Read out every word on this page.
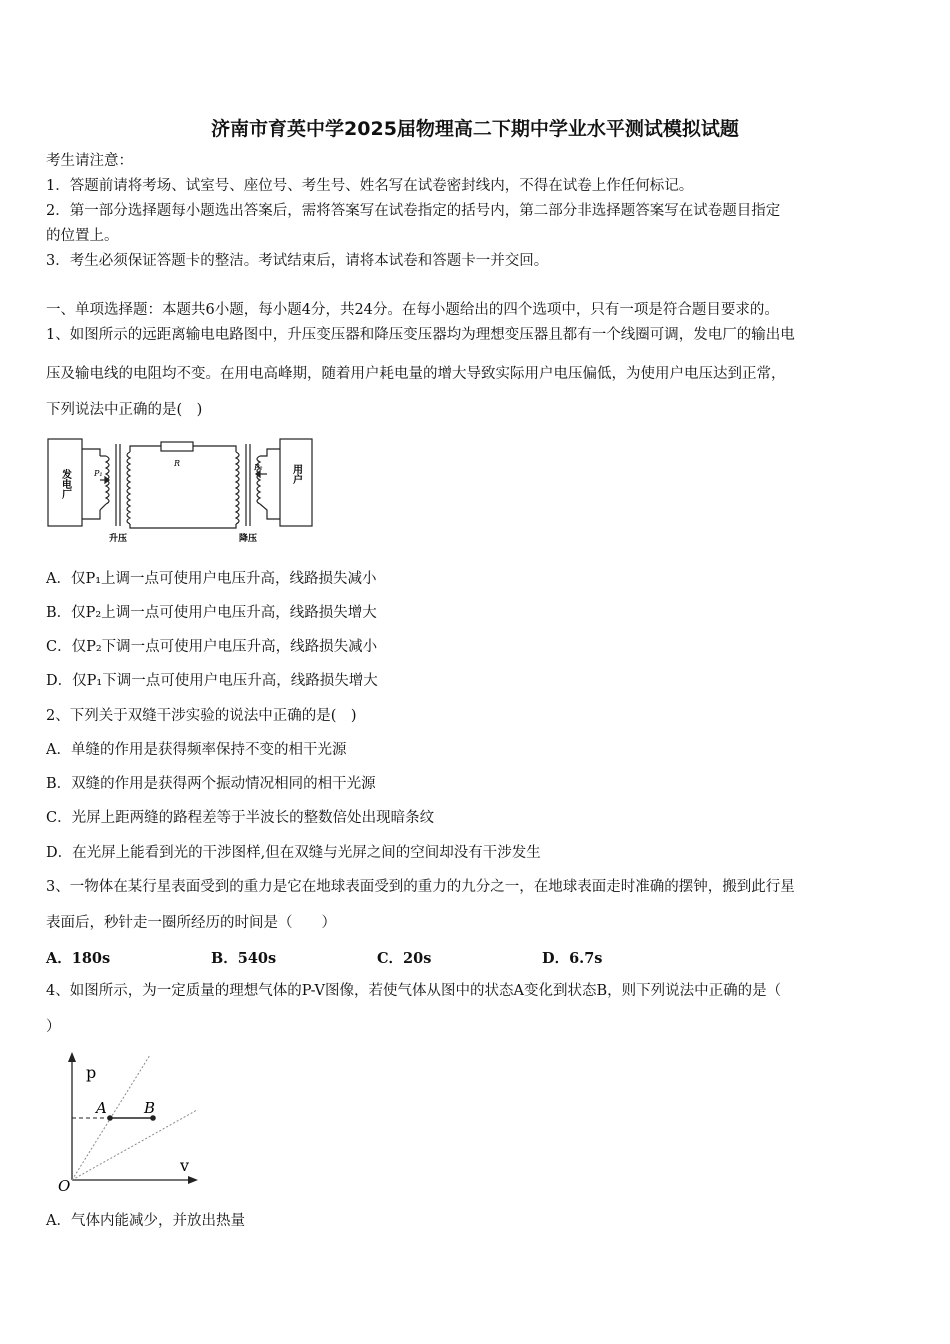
济南市育英中学2025届物理高二下期中学业水平测试模拟试题
考生请注意：
1．答题前请将考场、试室号、座位号、考生号、姓名写在试卷密封线内，不得在试卷上作任何标记。
2．第一部分选择题每小题选出答案后，需将答案写在试卷指定的括号内，第二部分非选择题答案写在试卷题目指定
的位置上。
3．考生必须保证答题卡的整洁。考试结束后，请将本试卷和答题卡一并交回。
一、单项选择题：本题共6小题，每小题4分，共24分。在每小题给出的四个选项中，只有一项是符合题目要求的。
1、如图所示的远距离输电电路图中，升压变压器和降压变压器均为理想变压器且都有一个线圈可调，发电厂的输出电
压及输电线的电阻均不变。在用电高峰期，随着用户耗电量的增大导致实际用户电压偏低，为使用户电压达到正常，
下列说法中正确的是(　)
发电厂	P₁
R	P₂	用户
升压	降压
A．仅P₁上调一点可使用户电压升高，线路损失减小
B．仅P₂上调一点可使用户电压升高，线路损失增大
C．仅P₂下调一点可使用户电压升高，线路损失减小
D．仅P₁下调一点可使用户电压升高，线路损失增大
2、下列关于双缝干涉实验的说法中正确的是(　)
A．单缝的作用是获得频率保持不变的相干光源
B．双缝的作用是获得两个振动情况相同的相干光源
C．光屏上距两缝的路程差等于半波长的整数倍处出现暗条纹
D．在光屏上能看到光的干涉图样,但在双缝与光屏之间的空间却没有干涉发生
3、一物体在某行星表面受到的重力是它在地球表面受到的重力的九分之一，在地球表面走时准确的摆钟，搬到此行星
表面后，秒针走一圈所经历的时间是（　　）
A．180s	B．540s	C．20s	D．6.7s
4、如图所示，为一定质量的理想气体的P-V图像，若使气体从图中的状态A变化到状态B，则下列说法中正确的是（
）
p
v
O
A B
A．气体内能减少，并放出热量
